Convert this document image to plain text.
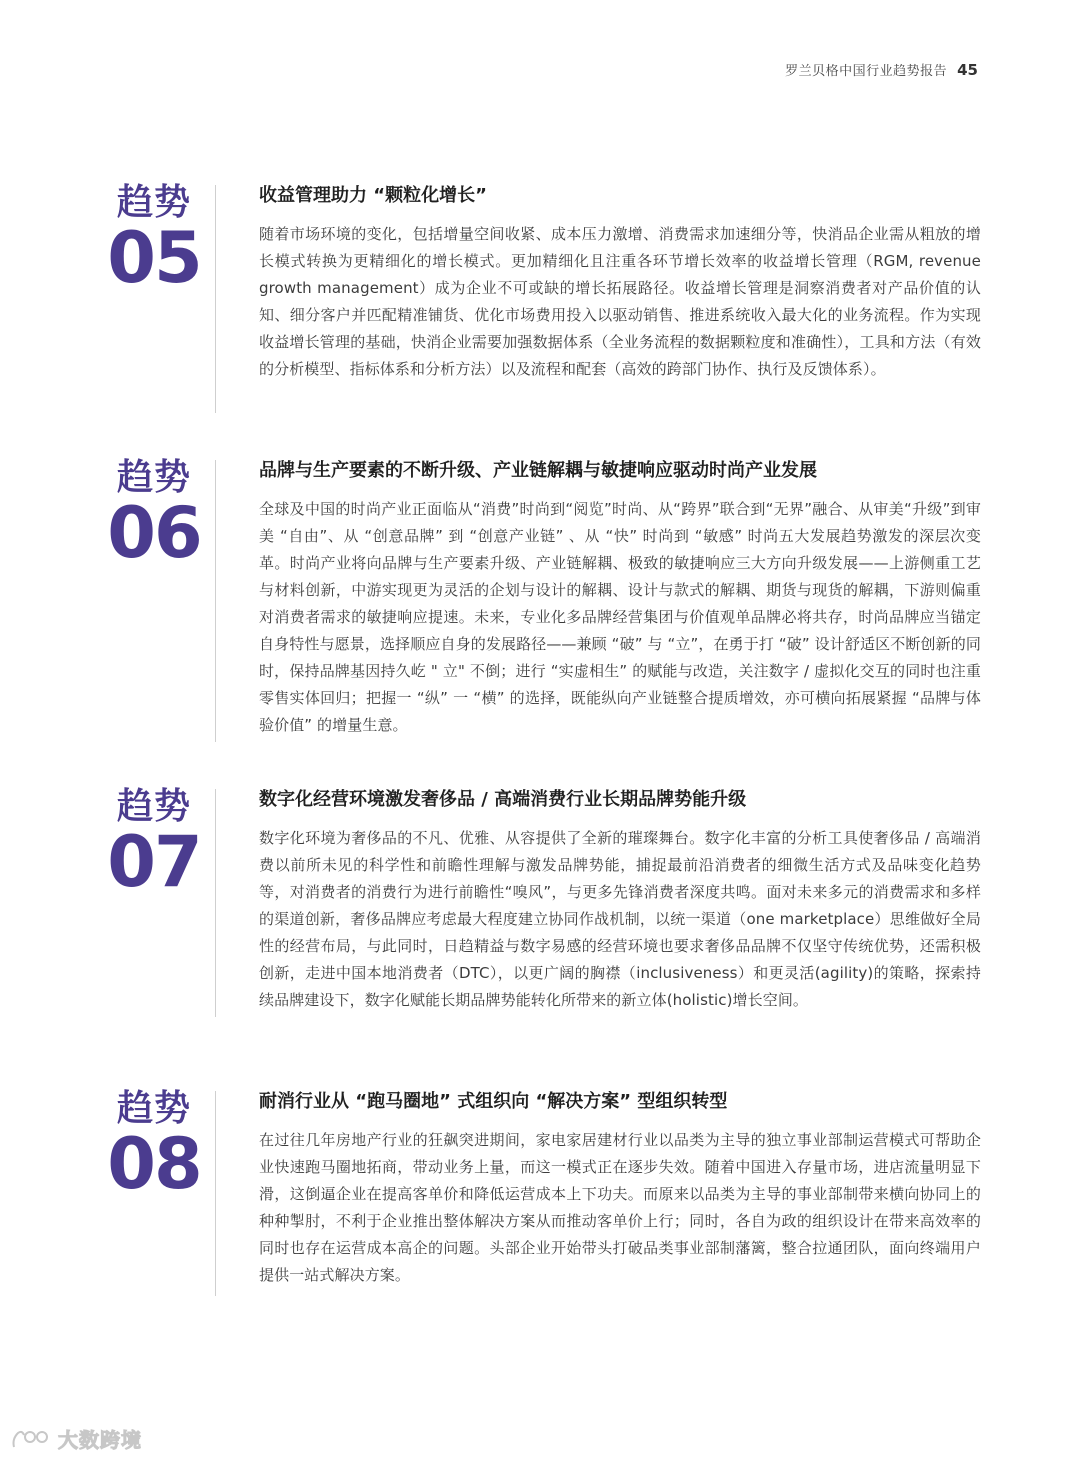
罗兰贝格中国行业趋势报告 45
趋势
05
收益管理助力 “颗粒化增长”

随着市场环境的变化，包括增量空间收紧、成本压力激增、消费需求加速细分等，快消品企业需从粗放的增长模式转换为更精细化的增长模式。更加精细化且注重各环节增长效率的收益增长管理（RGM, revenue growth management）成为企业不可或缺的增长拓展路径。收益增长管理是洞察消费者对产品价值的认知、细分客户并匹配精准铺货、优化市场费用投入以驱动销售、推进系统收入最大化的业务流程。作为实现收益增长管理的基础，快消企业需要加强数据体系（全业务流程的数据颗粒度和准确性），工具和方法（有效的分析模型、指标体系和分析方法）以及流程和配套（高效的跨部门协作、执行及反馈体系）。

趋势
06
品牌与生产要素的不断升级、产业链解耦与敏捷响应驱动时尚产业发展

全球及中国的时尚产业正面临从“消费”时尚到“阅览”时尚、从“跨界”联合到“无界”融合、从审美“升级”到审美 “自由”、从 “创意品牌” 到 “创意产业链” 、从 “快” 时尚到 “敏感” 时尚五大发展趋势激发的深层次变革。时尚产业将向品牌与生产要素升级、产业链解耦、极致的敏捷响应三大方向升级发展——上游侧重工艺与材料创新，中游实现更为灵活的企划与设计的解耦、设计与款式的解耦、期货与现货的解耦，下游则偏重对消费者需求的敏捷响应提速。未来，专业化多品牌经营集团与价值观单品牌必将共存，时尚品牌应当锚定自身特性与愿景，选择顺应自身的发展路径——兼顾 “破” 与 “立”，在勇于打 “破” 设计舒适区不断创新的同时，保持品牌基因持久屹 " 立" 不倒；进行 “实虚相生” 的赋能与改造，关注数字 / 虚拟化交互的同时也注重零售实体回归；把握一 “纵” 一 “横” 的选择，既能纵向产业链整合提质增效，亦可横向拓展紧握 “品牌与体验价值” 的增量生意。

趋势
07
数字化经营环境激发奢侈品 / 高端消费行业长期品牌势能升级

数字化环境为奢侈品的不凡、优雅、从容提供了全新的璀璨舞台。数字化丰富的分析工具使奢侈品 / 高端消费以前所未见的科学性和前瞻性理解与激发品牌势能，捕捉最前沿消费者的细微生活方式及品味变化趋势等，对消费者的消费行为进行前瞻性“嗅风”，与更多先锋消费者深度共鸣。面对未来多元的消费需求和多样的渠道创新，奢侈品牌应考虑最大程度建立协同作战机制，以统一渠道（one marketplace）思维做好全局性的经营布局，与此同时，日趋精益与数字易感的经营环境也要求奢侈品品牌不仅坚守传统优势，还需积极创新，走进中国本地消费者（DTC），以更广阔的胸襟（inclusiveness）和更灵活(agility)的策略，探索持续品牌建设下，数字化赋能长期品牌势能转化所带来的新立体(holistic)增长空间。

趋势
08
耐消行业从 “跑马圈地” 式组织向 “解决方案” 型组织转型

在过往几年房地产行业的狂飙突进期间，家电家居建材行业以品类为主导的独立事业部制运营模式可帮助企业快速跑马圈地拓商，带动业务上量，而这一模式正在逐步失效。随着中国进入存量市场，进店流量明显下滑，这倒逼企业在提高客单价和降低运营成本上下功夫。而原来以品类为主导的事业部制带来横向协同上的种种掣肘，不利于企业推出整体解决方案从而推动客单价上行；同时，各自为政的组织设计在带来高效率的同时也存在运营成本高企的问题。头部企业开始带头打破品类事业部制藩篱，整合拉通团队，面向终端用户提供一站式解决方案。

大数跨境
